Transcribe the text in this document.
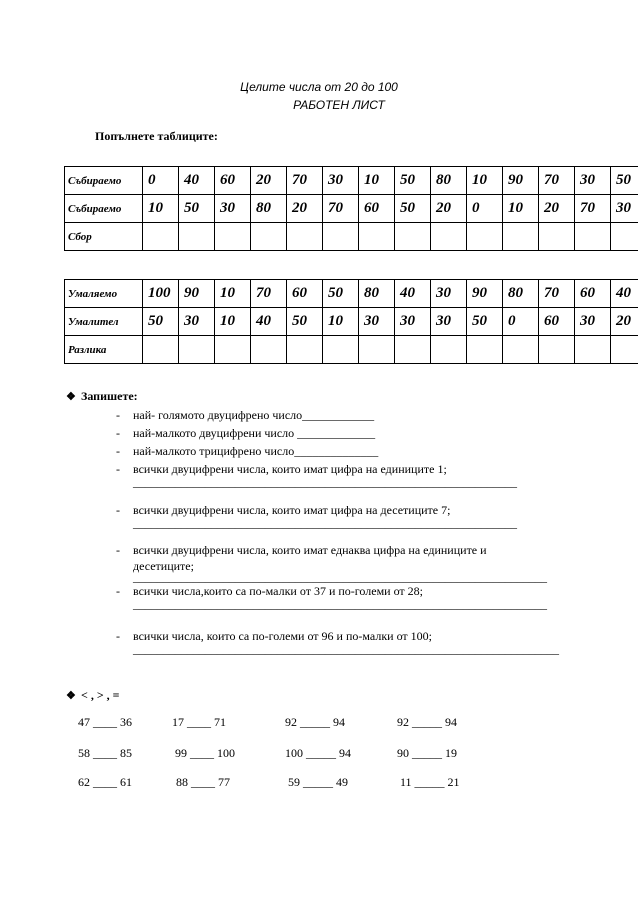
Целите числа от 20 до 100
РАБОТЕН ЛИСТ
Попълнете таблиците:
Събираемо	0	40	60	20	70	30	10	50	80	10	90	70	30	50
Събираемо	10	50	30	80	20	70	60	50	20	0	10	20	70	30
Сбор														
Умаляемо	100	90	10	70	60	50	80	40	30	90	80	70	60	40
Умалител	50	30	10	40	50	10	30	30	30	50	0	60	30	20
Разлика														
❖ Запишете:
- най- голямото двуцифрено число____________
- най-малкото двуцифрени число _____________
- най-малкото трицифрено число______________
- всички двуцифрени числа, които имат цифра на единиците 1;
________________________________________________________________
- всички двуцифрени числа, които имат цифра на десетиците 7;
________________________________________________________________
- всички двуцифрени числа, които имат еднаква цифра на единиците и
десетиците;
_____________________________________________________________________
- всички числа,които са по-малки от 37 и по-големи от 28;
_____________________________________________________________________
- всички числа, които са по-големи от 96 и по-малки от 100;
_______________________________________________________________________
❖ < , > , =
47 ____ 36	17 ____ 71	92 _____ 94	92 _____ 94
58 ____ 85	99 ____ 100	100 _____ 94	90 _____ 19
62 ____ 61	88 ____ 77	59 _____ 49	11 _____ 21
